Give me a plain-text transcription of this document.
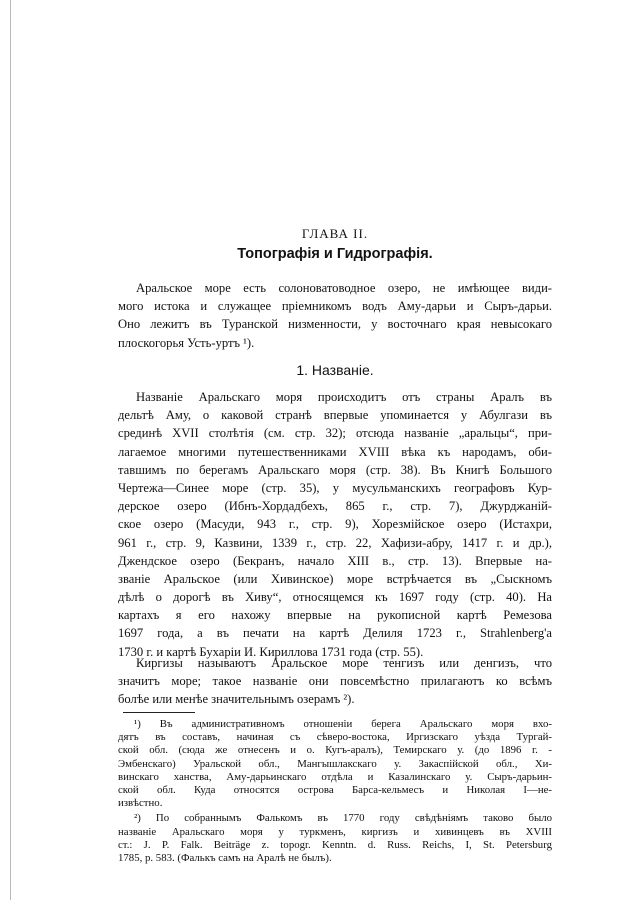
ГЛАВА II.
Топографія и Гидрографія.
Аральское море есть солоноватоводное озеро, не имѣющее види-
мого истока и служащее пріемникомъ водъ Аму-дарьи и Сыръ-дарьи.
Оно лежитъ въ Туранской низменности, у восточнаго края невысокаго
плоскогорья Усть-уртъ ¹).
1. Названіе.
Названіе Аральскаго моря происходитъ отъ страны Аралъ въ
дельтѣ Аму, о каковой странѣ впервые упоминается у Абулгази въ
срединѣ XVII столѣтія (см. стр. 32); отсюда названіе „аральцы“, при-
лагаемое многими путешественниками XVIII вѣка къ народамъ, оби-
тавшимъ по берегамъ Аральскаго моря (стр. 38). Въ Книгѣ Большого
Чертежа—Синее море (стр. 35), у мусульманскихъ географовъ Кур-
дерское озеро (Ибнъ-Хордадбехъ, 865 г., стр. 7), Джурджаній-
ское озеро (Масуди, 943 г., стр. 9), Хорезмійское озеро (Истахри,
961 г., стр. 9, Казвини, 1339 г., стр. 22, Хафизи-абру, 1417 г. и др.),
Джендское озеро (Бекранъ, начало XIII в., стр. 13). Впервые на-
званіе Аральское (или Хивинское) море встрѣчается въ „Сыскномъ
дѣлѣ о дорогѣ въ Хиву“, относящемся къ 1697 году (стр. 40). На
картахъ я его нахожу впервые на рукописной картѣ Ремезова
1697 года, а въ печати на картѣ Делиля 1723 г., Strahlenberg'a
1730 г. и картѣ Бухаріи И. Кириллова 1731 года (стр. 55).
Киргизы называютъ Аральское море тенгизъ или денгизъ, что
значитъ море; такое названіе они повсемѣстно прилагаютъ ко всѣмъ
болѣе или менѣе значительнымъ озерамъ ²).
¹) Въ административномъ отношеніи берега Аральскаго моря вхо-
дятъ въ составъ, начиная съ сѣверо-востока, Иргизскаго уѣзда Тургай-
ской обл. (сюда же отнесенъ и о. Кугъ-аралъ), Темирскаго у. (до 1896 г. -
Эмбенскаго) Уральской обл., Мангышлакскаго у. Закаспійской обл., Хи-
винскаго ханства, Аму-дарьинскаго отдѣла и Казалинскаго у. Сыръ-дарьин-
ской обл. Куда относятся острова Барса-кельмесъ и Николая I—не-
извѣстно.
²) По собраннымъ Фалькомъ въ 1770 году свѣдѣніямъ таково было
названіе Аральскаго моря у туркменъ, киргизъ и хивинцевъ въ XVIII
ст.: J. P. Falk. Beiträge z. topogr. Kenntn. d. Russ. Reichs, I, St. Petersburg
1785, p. 583. (Фалькъ самъ на Аралѣ не былъ).
